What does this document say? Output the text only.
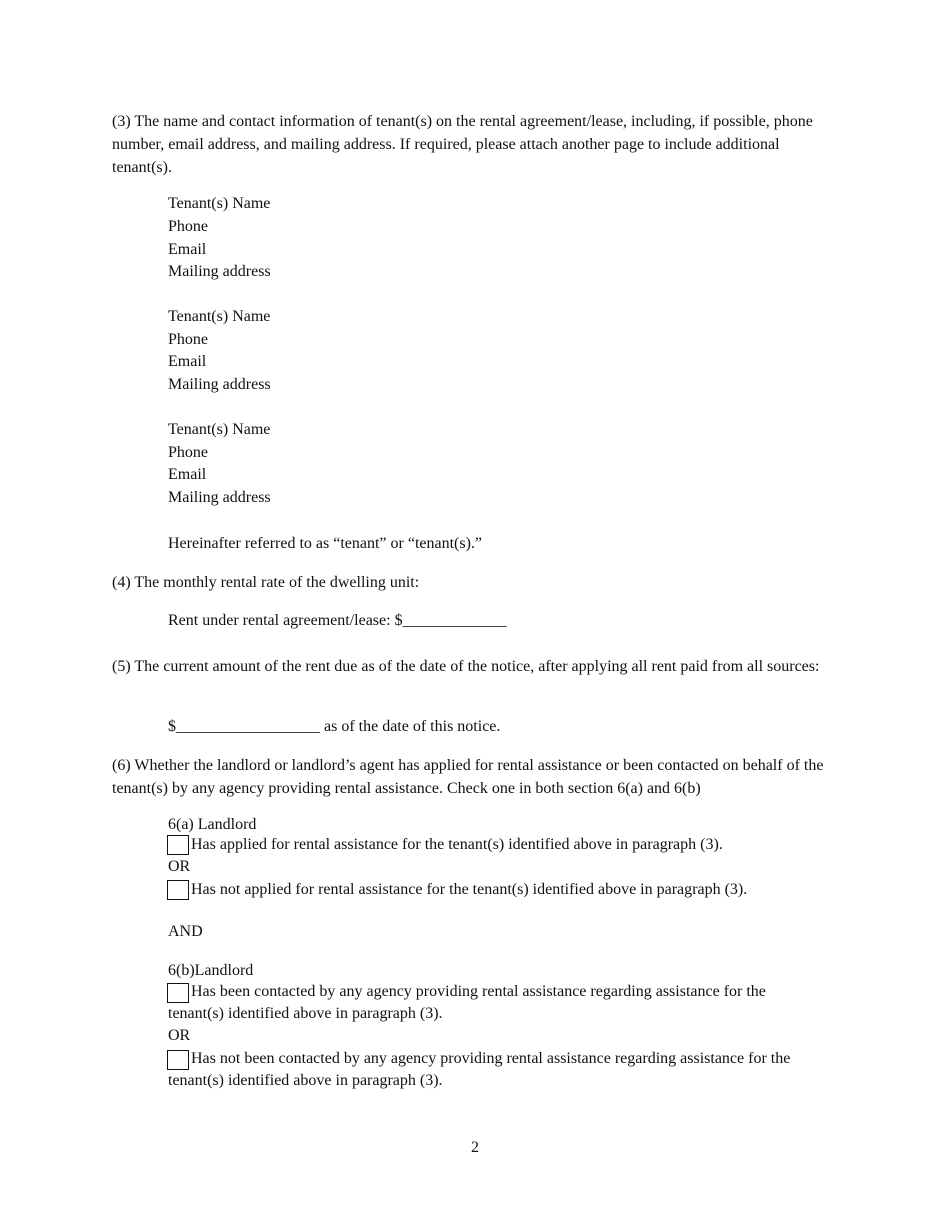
(3) The name and contact information of tenant(s) on the rental agreement/lease, including, if possible, phone number, email address, and mailing address. If required, please attach another page to include additional tenant(s).
Tenant(s) Name
Phone
Email
Mailing address
Tenant(s) Name
Phone
Email
Mailing address
Tenant(s) Name
Phone
Email
Mailing address
Hereinafter referred to as “tenant” or “tenant(s).”
(4) The monthly rental rate of the dwelling unit:
Rent under rental agreement/lease: $_____________
(5) The current amount of the rent due as of the date of the notice, after applying all rent paid from all sources:
$__________________ as of the date of this notice.
(6) Whether the landlord or landlord’s agent has applied for rental assistance or been contacted on behalf of the tenant(s) by any agency providing rental assistance. Check one in both section 6(a) and 6(b)
6(a) Landlord
Has applied for rental assistance for the tenant(s) identified above in paragraph (3).
OR
Has not applied for rental assistance for the tenant(s) identified above in paragraph (3).
AND
6(b)Landlord
Has been contacted by any agency providing rental assistance regarding assistance for the
tenant(s) identified above in paragraph (3).
OR
Has not been contacted by any agency providing rental assistance regarding assistance for the
tenant(s) identified above in paragraph (3).
2
